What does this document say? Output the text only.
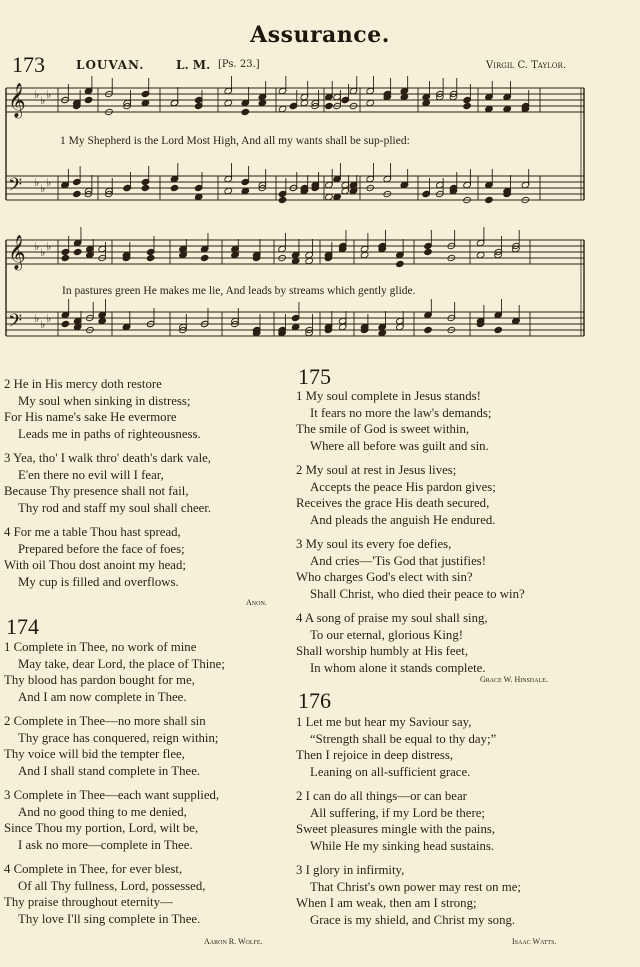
Assurance.
173	LOUVAN.	L. M. [Ps. 23.]	Virgil C. Taylor.
𝄞 ♭ ♭ ♭
𝄢 ♭ ♭ ♭
1 My Shepherd is the Lord Most High, And all my wants shall be sup-plied:
𝄞 ♭ ♭ ♭
𝄢 ♭ ♭ ♭
In pastures green He makes me lie, And leads by streams which gently glide.
2 He in His mercy doth restore
My soul when sinking in distress;
For His name's sake He evermore
Leads me in paths of righteousness.
3 Yea, tho' I walk thro' death's dark vale,
E'en there no evil will I fear,
Because Thy presence shall not fail,
Thy rod and staff my soul shall cheer.
4 For me a table Thou hast spread,
Prepared before the face of foes;
With oil Thou dost anoint my head;
My cup is filled and overflows.
Anon.
174
1 Complete in Thee, no work of mine
May take, dear Lord, the place of Thine;
Thy blood has pardon bought for me,
And I am now complete in Thee.
2 Complete in Thee—no more shall sin
Thy grace has conquered, reign within;
Thy voice will bid the tempter flee,
And I shall stand complete in Thee.
3 Complete in Thee—each want supplied,
And no good thing to me denied,
Since Thou my portion, Lord, wilt be,
I ask no more—complete in Thee.
4 Complete in Thee, for ever blest,
Of all Thy fullness, Lord, possessed,
Thy praise throughout eternity—
Thy love I'll sing complete in Thee.
Aaron R. Wolfe.
175
1 My soul complete in Jesus stands!
It fears no more the law's demands;
The smile of God is sweet within,
Where all before was guilt and sin.
2 My soul at rest in Jesus lives;
Accepts the peace His pardon gives;
Receives the grace His death secured,
And pleads the anguish He endured.
3 My soul its every foe defies,
And cries—'Tis God that justifies!
Who charges God's elect with sin?
Shall Christ, who died their peace to win?
4 A song of praise my soul shall sing,
To our eternal, glorious King!
Shall worship humbly at His feet,
In whom alone it stands complete.
Grace W. Hinsdale.
176
1 Let me but hear my Saviour say,
“Strength shall be equal to thy day;”
Then I rejoice in deep distress,
Leaning on all-sufficient grace.
2 I can do all things—or can bear
All suffering, if my Lord be there;
Sweet pleasures mingle with the pains,
While He my sinking head sustains.
3 I glory in infirmity,
That Christ's own power may rest on me;
When I am weak, then am I strong;
Grace is my shield, and Christ my song.
Isaac Watts.
